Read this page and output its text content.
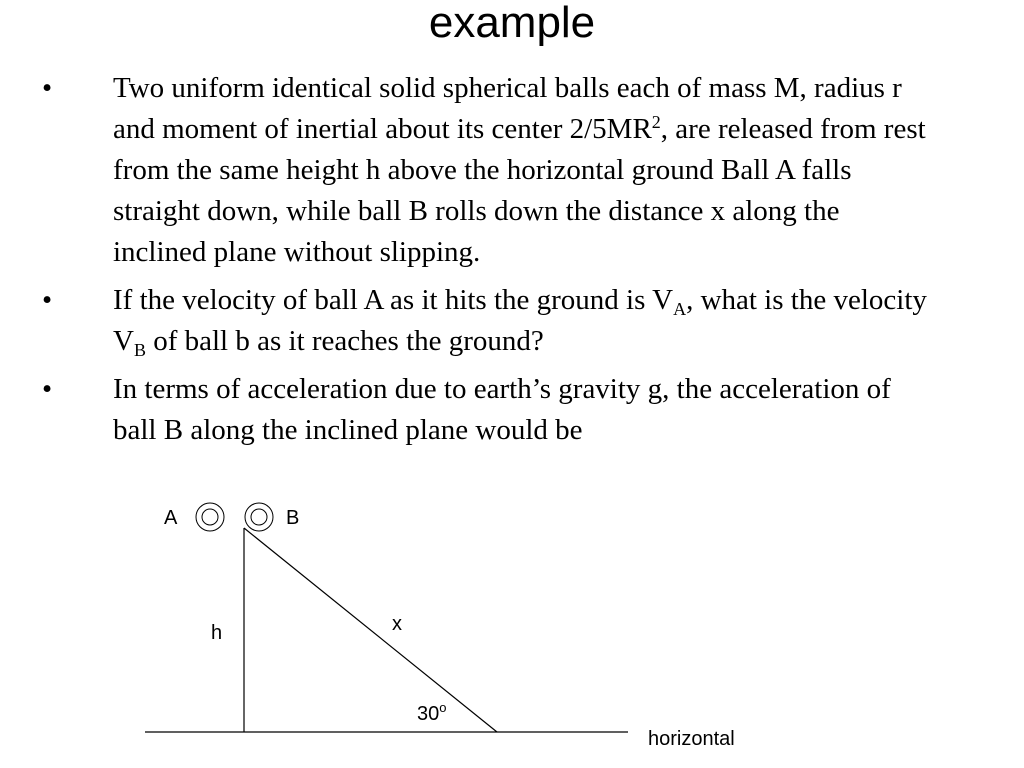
example
• Two uniform identical solid spherical balls each of mass M, radius r and moment of inertial about its center $2/5MR^2$, are released from rest from the same height h above the horizontal ground Ball A falls straight down, while ball B rolls down the distance x along the inclined plane without slipping.
• If the velocity of ball A as it hits the ground is $V_A$, what is the velocity $V_B$ of ball b as it reaches the ground?
• In terms of acceleration due to earth’s gravity g, the acceleration of ball B along the inclined plane would be
A	B
h	x
30$^o$
horizontal
